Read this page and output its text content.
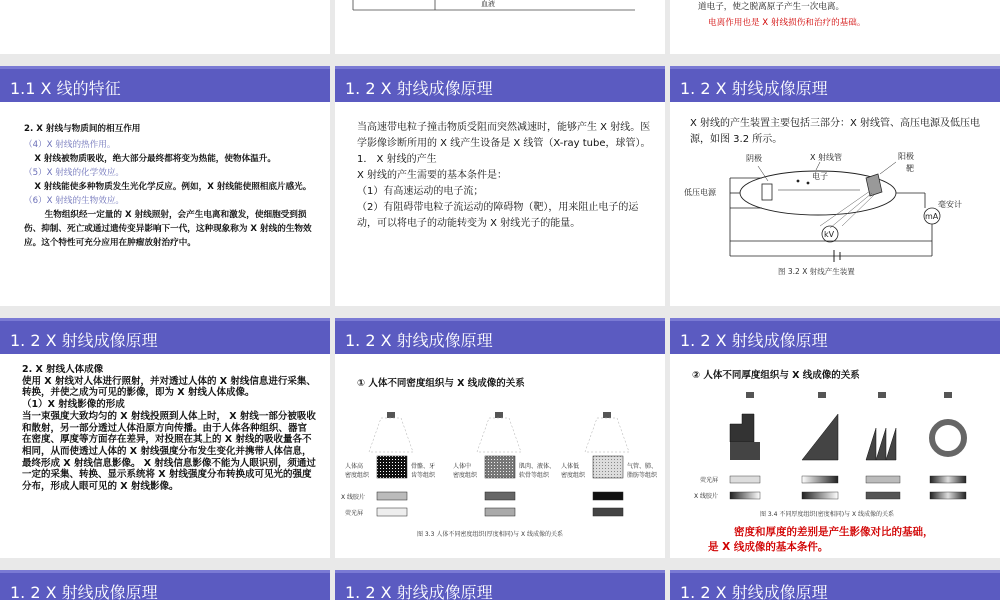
血液	道电子，使之脱离原子产生一次电离。
电离作用也是 X 射线损伤和治疗的基础。
1.1 X 线的特征
2. X 射线与物质间的相互作用
（4）X 射线的热作用。
X 射线被物质吸收，绝大部分最终都将变为热能，使物体温升。
（5）X 射线的化学效应。
X 射线能使多种物质发生光化学反应。例如，X 射线能使照相底片感光。
（6）X 射线的生物效应。
生物组织经一定量的 X 射线照射，会产生电离和激发，使细胞受到损伤、抑制、死亡或通过遗传变异影响下一代，这种现象称为 X 射线的生物效应。这个特性可充分应用在肿瘤放射治疗中。
1. 2 X 射线成像原理
当高速带电粒子撞击物质受阻而突然减速时，能够产生 X 射线。医学影像诊断所用的 X 线产生设备是 X 线管（X-ray tube，球管）。
1． X 射线的产生
X 射线的产生需要的基本条件是：
（1）有高速运动的电子流；
（2）有阻碍带电粒子流运动的障碍物（靶），用来阻止电子的运动，可以将电子的动能转变为 X 射线光子的能量。
1. 2 X 射线成像原理
X 射线的产生装置主要包括三部分：X 射线管、高压电源及低压电源，如图 3.2 所示。
阴极	X 射线管	阳极
靶
电子
低压电源
毫安计
mA
kV
图 3.2 X 射线产生装置
1. 2 X 射线成像原理
2. X 射线人体成像
使用 X 射线对人体进行照射，并对透过人体的 X 射线信息进行采集、转换，并使之成为可见的影像，即为 X 射线人体成像。
（1）X 射线影像的形成
当一束强度大致均匀的 X 射线投照到人体上时， X 射线一部分被吸收和散射，另一部分透过人体沿原方向传播。由于人体各种组织、器官在密度、厚度等方面存在差异，对投照在其上的 X 射线的吸收量各不相同，从而使透过人体的 X 射线强度分布发生变化并携带人体信息，最终形成 X 射线信息影像。 X 射线信息影像不能为人眼识别，须通过一定的采集、转换、显示系统将 X 射线强度分布转换成可见光的强度分布，形成人眼可见的 X 射线影像。
1. 2 X 射线成像原理
① 人体不同密度组织与 X 线成像的关系
人体高
密度组织
骨骼、牙
齿等组织
人体中
密度组织
肌肉、液体、
软骨等组织
人体低
密度组织
气管、肺、
脂肪等组织
X 线胶片
荧光屏
图 3.3 人体不同密度组织(厚度相同)与 X 线成像的关系
1. 2 X 射线成像原理
② 人体不同厚度组织与 X 线成像的关系
荧光屏
X 线胶片
图 3.4 不同厚度组织(密度相同)与 X 线成像的关系
密度和厚度的差别是产生影像对比的基础，
是 X 线成像的基本条件。
1. 2 X 射线成像原理	1. 2 X 射线成像原理	1. 2 X 射线成像原理
